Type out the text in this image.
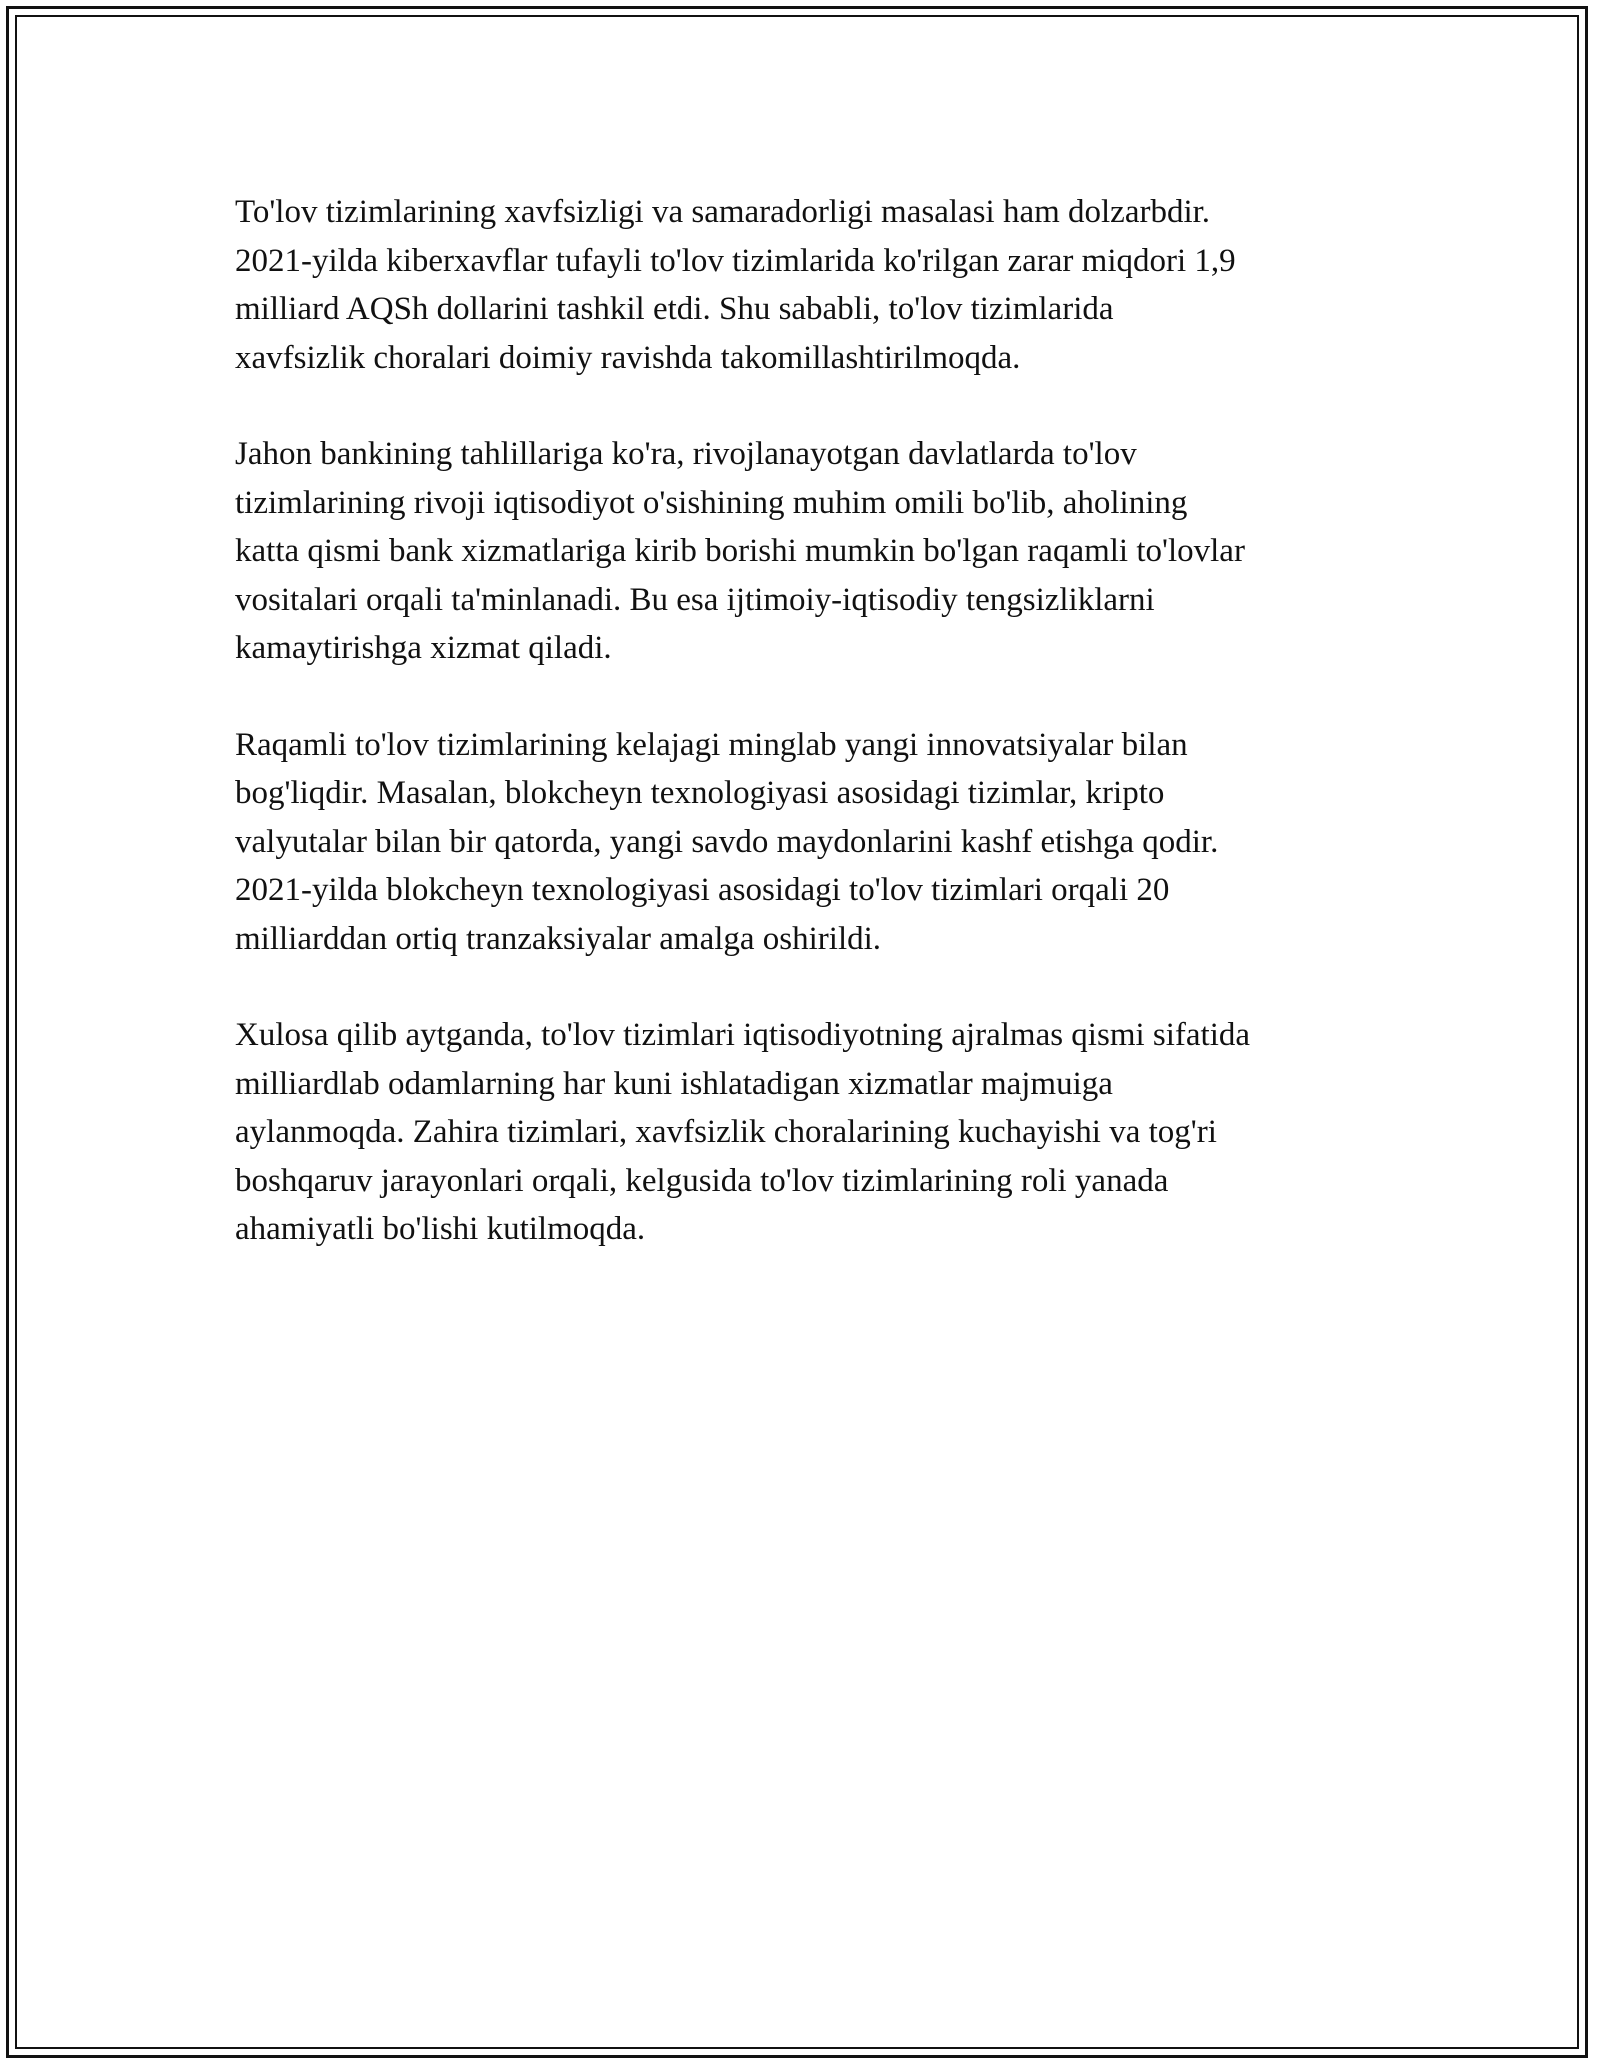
To'lov tizimlarining xavfsizligi va samaradorligi masalasi ham dolzarbdir.
2021-yilda kiberxavflar tufayli to'lov tizimlarida ko'rilgan zarar miqdori 1,9
milliard AQSh dollarini tashkil etdi. Shu sababli, to'lov tizimlarida
xavfsizlik choralari doimiy ravishda takomillashtirilmoqda.

Jahon bankining tahlillariga ko'ra, rivojlanayotgan davlatlarda to'lov
tizimlarining rivoji iqtisodiyot o'sishining muhim omili bo'lib, aholining
katta qismi bank xizmatlariga kirib borishi mumkin bo'lgan raqamli to'lovlar
vositalari orqali ta'minlanadi. Bu esa ijtimoiy-iqtisodiy tengsizliklarni
kamaytirishga xizmat qiladi.

Raqamli to'lov tizimlarining kelajagi minglab yangi innovatsiyalar bilan
bog'liqdir. Masalan, blokcheyn texnologiyasi asosidagi tizimlar, kripto
valyutalar bilan bir qatorda, yangi savdo maydonlarini kashf etishga qodir.
2021-yilda blokcheyn texnologiyasi asosidagi to'lov tizimlari orqali 20
milliarddan ortiq tranzaksiyalar amalga oshirildi.

Xulosa qilib aytganda, to'lov tizimlari iqtisodiyotning ajralmas qismi sifatida
milliardlab odamlarning har kuni ishlatadigan xizmatlar majmuiga
aylanmoqda. Zahira tizimlari, xavfsizlik choralarining kuchayishi va tog'ri
boshqaruv jarayonlari orqali, kelgusida to'lov tizimlarining roli yanada
ahamiyatli bo'lishi kutilmoqda.
